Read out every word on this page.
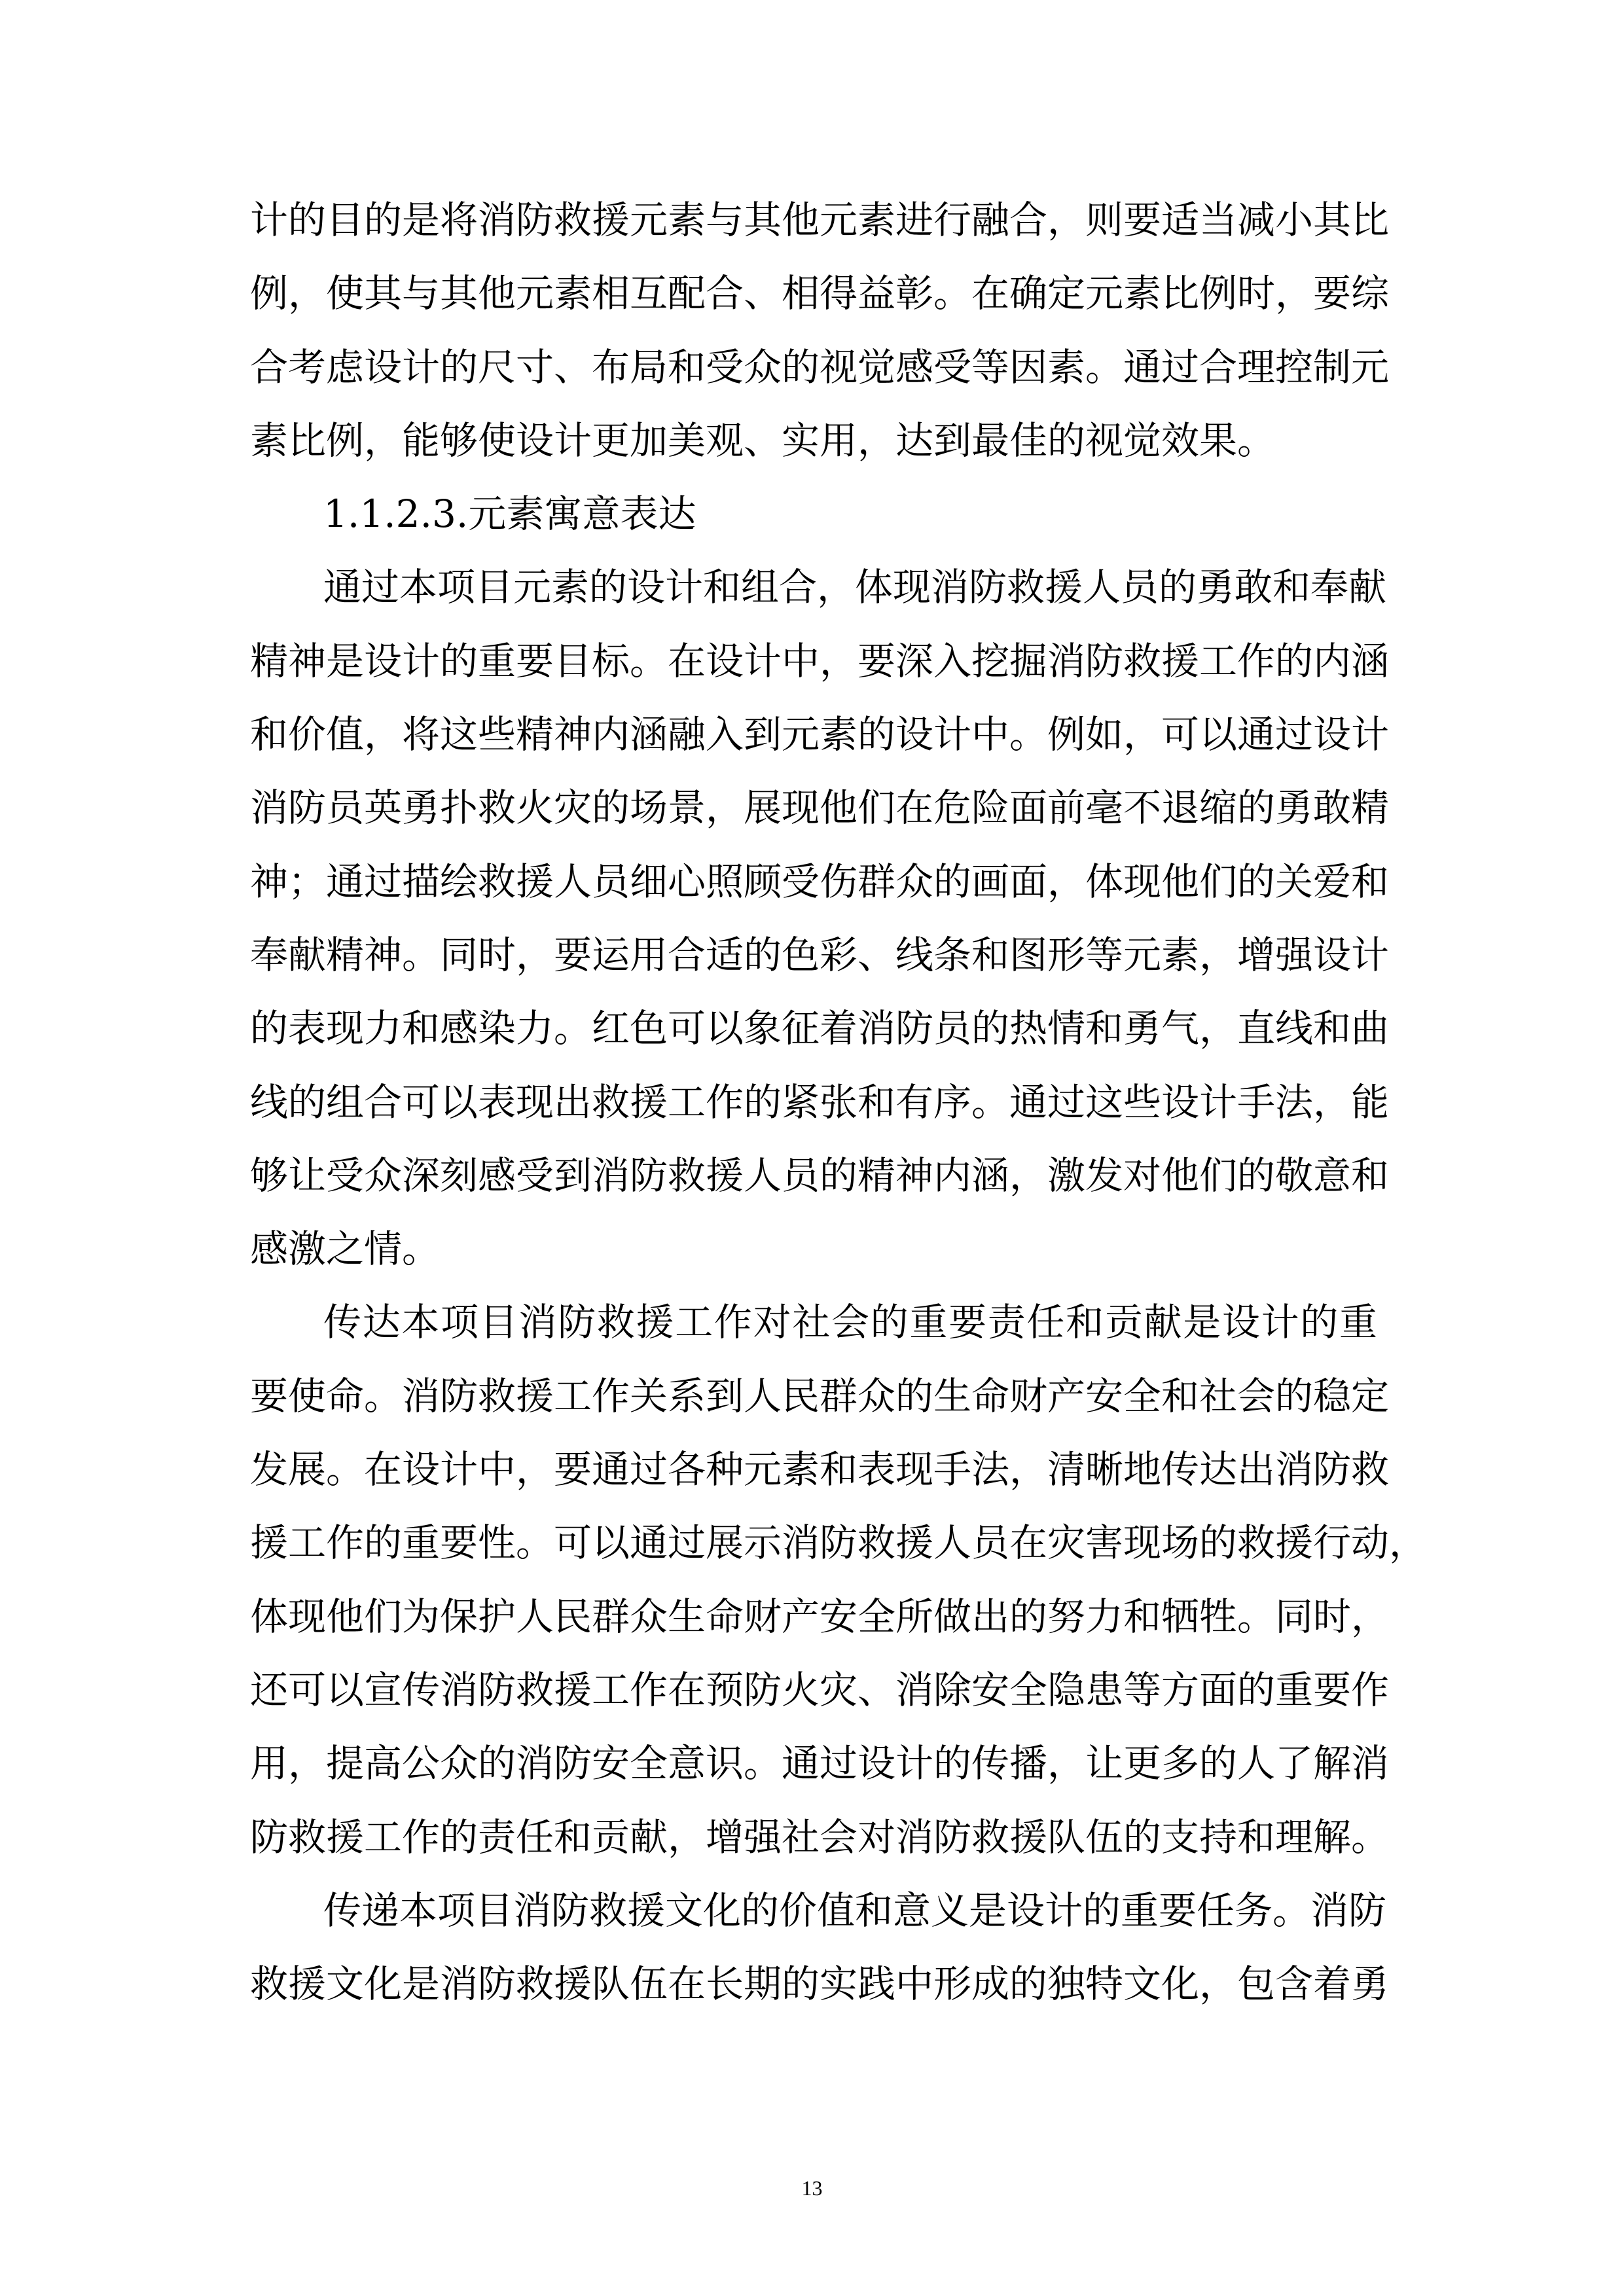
计的目的是将消防救援元素与其他元素进行融合，则要适当减小其比
例，使其与其他元素相互配合、相得益彰。在确定元素比例时，要综
合考虑设计的尺寸、布局和受众的视觉感受等因素。通过合理控制元
素比例，能够使设计更加美观、实用，达到最佳的视觉效果。
1.1.2.3.元素寓意表达
通过本项目元素的设计和组合，体现消防救援人员的勇敢和奉献
精神是设计的重要目标。在设计中，要深入挖掘消防救援工作的内涵
和价值，将这些精神内涵融入到元素的设计中。例如，可以通过设计
消防员英勇扑救火灾的场景，展现他们在危险面前毫不退缩的勇敢精
神；通过描绘救援人员细心照顾受伤群众的画面，体现他们的关爱和
奉献精神。同时，要运用合适的色彩、线条和图形等元素，增强设计
的表现力和感染力。红色可以象征着消防员的热情和勇气，直线和曲
线的组合可以表现出救援工作的紧张和有序。通过这些设计手法，能
够让受众深刻感受到消防救援人员的精神内涵，激发对他们的敬意和
感激之情。
传达本项目消防救援工作对社会的重要责任和贡献是设计的重
要使命。消防救援工作关系到人民群众的生命财产安全和社会的稳定
发展。在设计中，要通过各种元素和表现手法，清晰地传达出消防救
援工作的重要性。可以通过展示消防救援人员在灾害现场的救援行动，
体现他们为保护人民群众生命财产安全所做出的努力和牺牲。同时，
还可以宣传消防救援工作在预防火灾、消除安全隐患等方面的重要作
用，提高公众的消防安全意识。通过设计的传播，让更多的人了解消
防救援工作的责任和贡献，增强社会对消防救援队伍的支持和理解。
传递本项目消防救援文化的价值和意义是设计的重要任务。消防
救援文化是消防救援队伍在长期的实践中形成的独特文化，包含着勇
13
